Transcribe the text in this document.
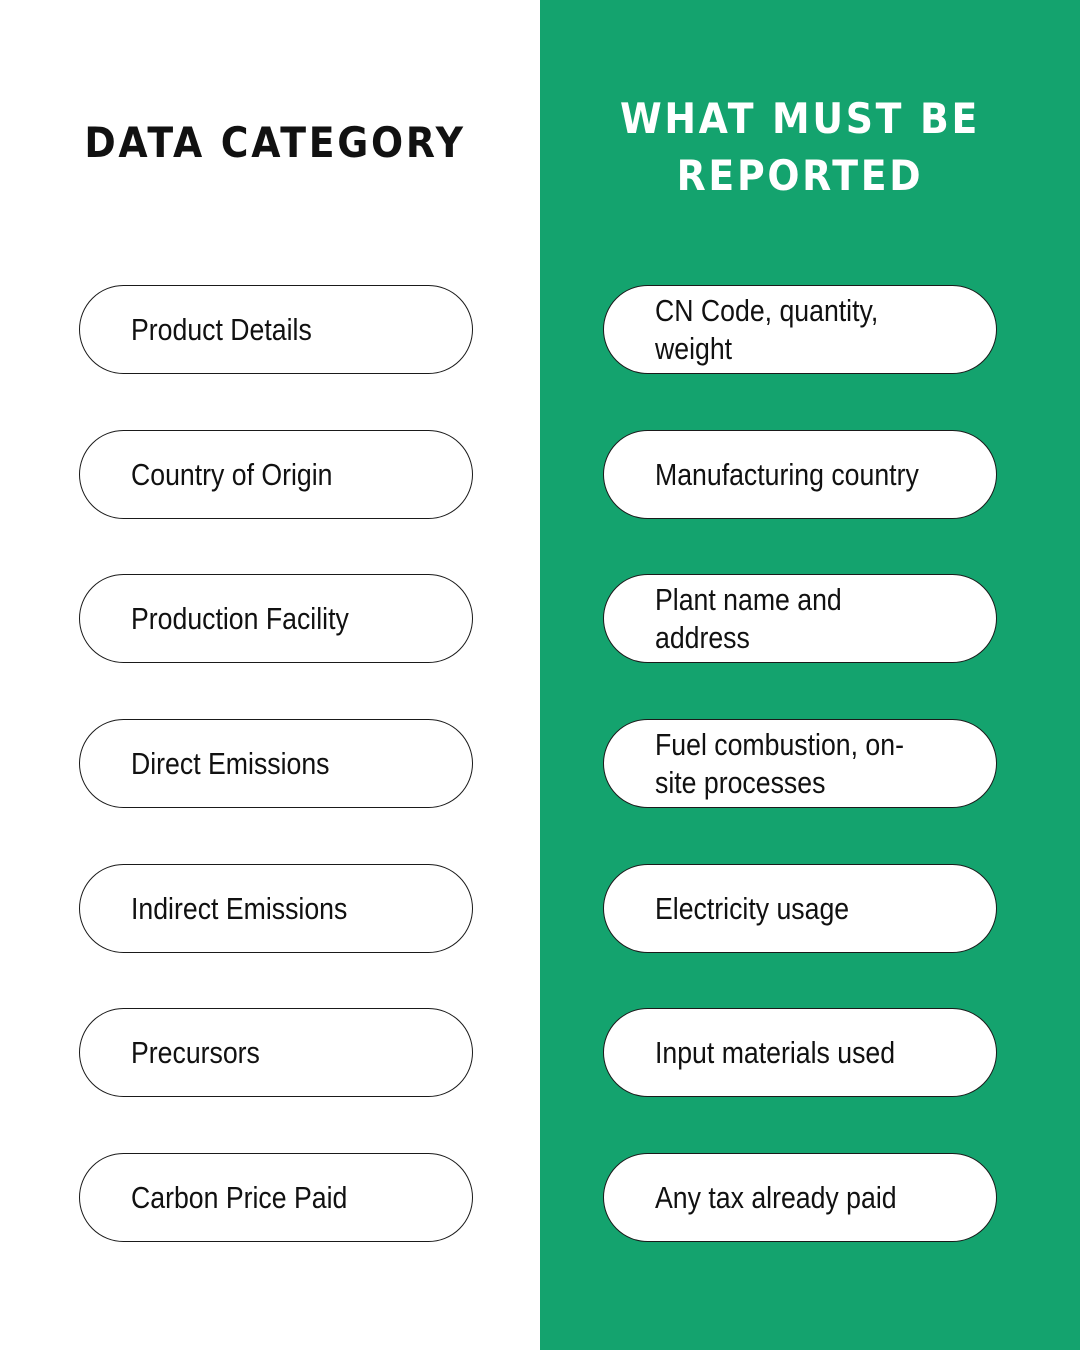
DATA CATEGORY	WHAT MUST BE REPORTED
Product Details
Country of Origin
Production Facility
Direct Emissions
Indirect Emissions
Precursors
Carbon Price Paid
CN Code, quantity, weight
Manufacturing country
Plant name and address
Fuel combustion, on-site processes
Electricity usage
Input materials used
Any tax already paid
